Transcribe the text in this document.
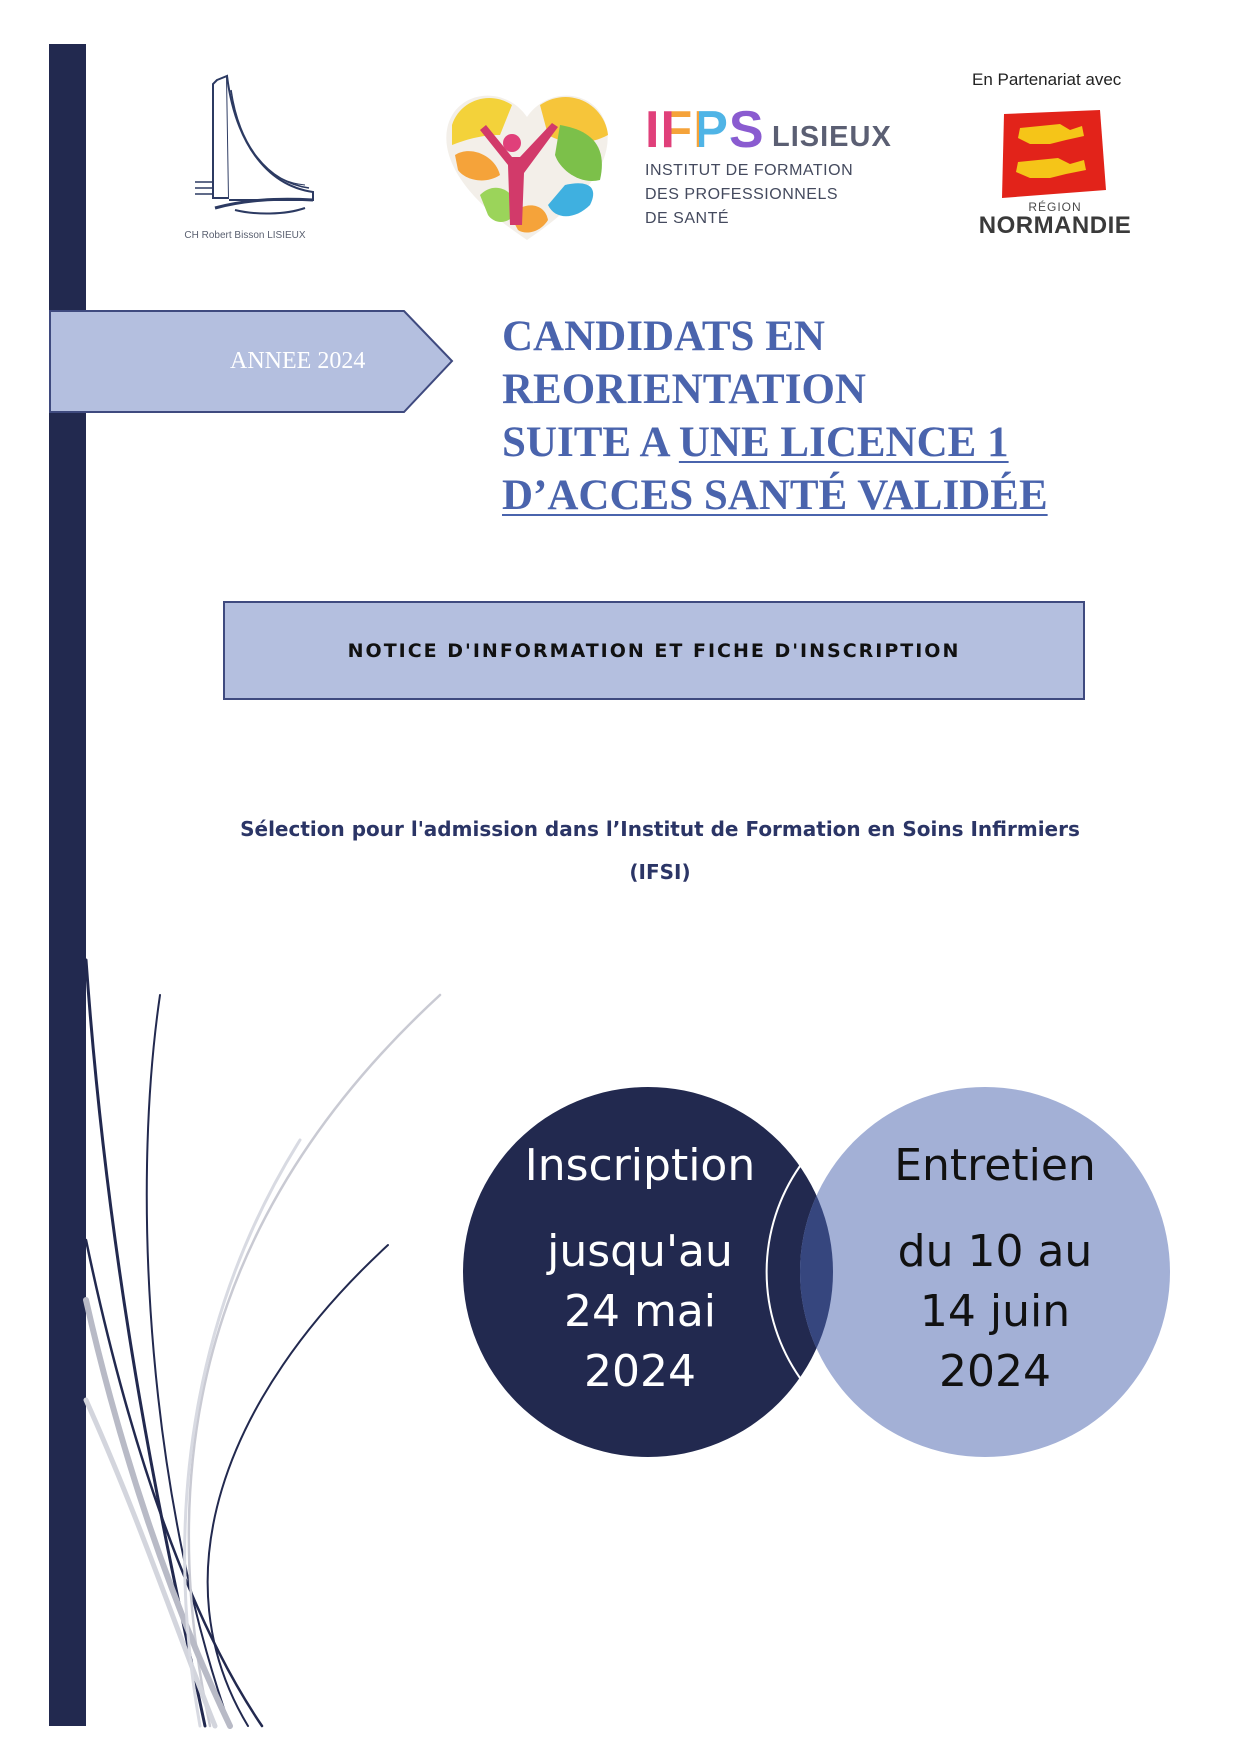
CH Robert Bisson LISIEUX
IFPS LISIEUX
INSTITUT DE FORMATION
DES PROFESSIONNELS
DE SANTÉ
En Partenariat avec
RÉGION
NORMANDIE
ANNEE 2024
CANDIDATS EN
REORIENTATION
SUITE A UNE LICENCE 1
D’ACCES SANTÉ VALIDÉE
NOTICE D'INFORMATION ET FICHE D'INSCRIPTION
Sélection pour l'admission dans l’Institut de Formation en Soins Infirmiers
(IFSI)
Inscription
jusqu'au
24 mai
2024
Entretien
du 10 au
14 juin
2024
